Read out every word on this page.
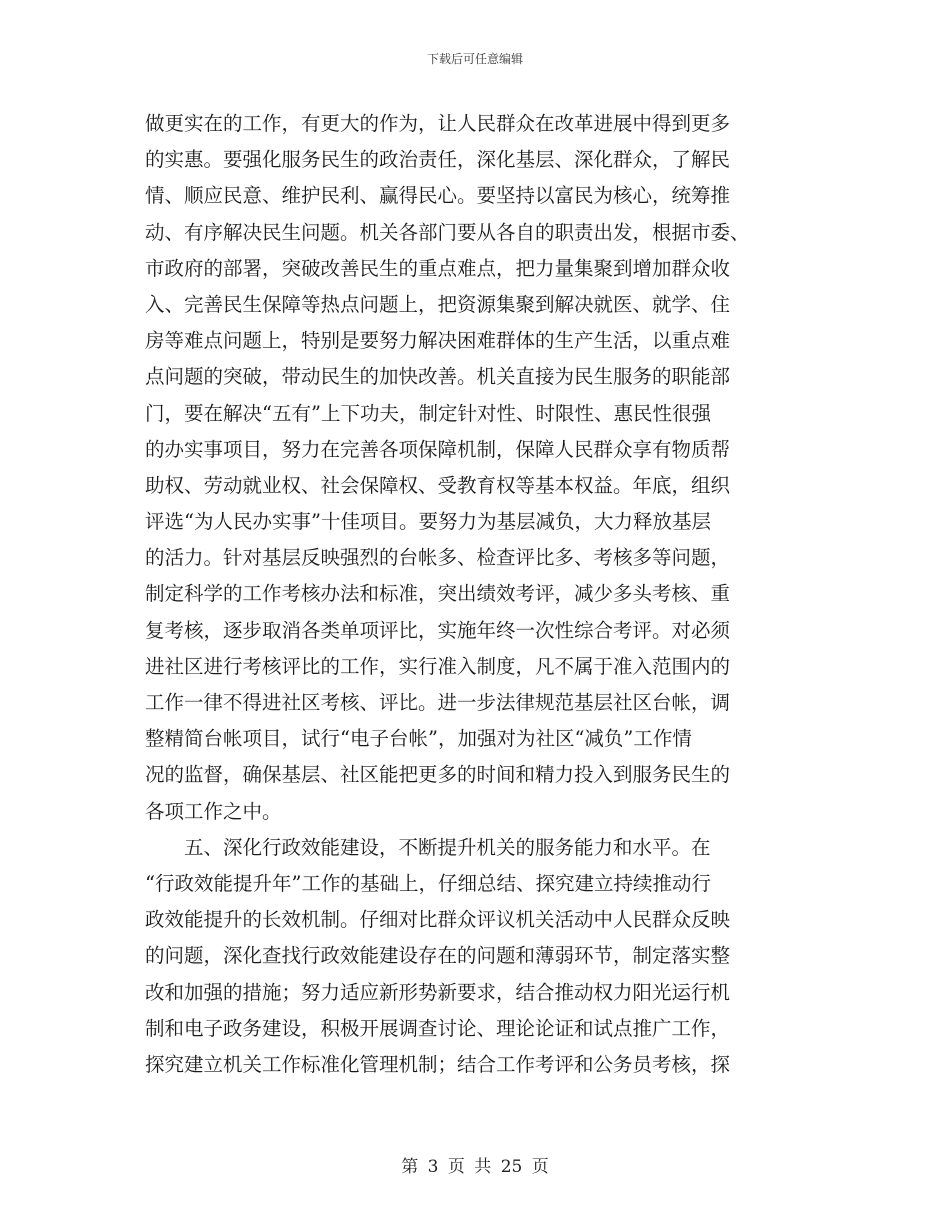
下载后可任意编辑
做更实在的工作，有更大的作为，让人民群众在改革进展中得到更多
的实惠。要强化服务民生的政治责任，深化基层、深化群众，了解民
情、顺应民意、维护民利、赢得民心。要坚持以富民为核心，统筹推
动、有序解决民生问题。机关各部门要从各自的职责出发，根据市委、
市政府的部署，突破改善民生的重点难点，把力量集聚到增加群众收
入、完善民生保障等热点问题上，把资源集聚到解决就医、就学、住
房等难点问题上，特别是要努力解决困难群体的生产生活，以重点难
点问题的突破，带动民生的加快改善。机关直接为民生服务的职能部
门，要在解决“五有”上下功夫，制定针对性、时限性、惠民性很强
的办实事项目，努力在完善各项保障机制，保障人民群众享有物质帮
助权、劳动就业权、社会保障权、受教育权等基本权益。年底，组织
评选“为人民办实事”十佳项目。要努力为基层减负，大力释放基层
的活力。针对基层反映强烈的台帐多、检查评比多、考核多等问题，
制定科学的工作考核办法和标准，突出绩效考评，减少多头考核、重
复考核，逐步取消各类单项评比，实施年终一次性综合考评。对必须
进社区进行考核评比的工作，实行准入制度，凡不属于准入范围内的
工作一律不得进社区考核、评比。进一步法律规范基层社区台帐，调
整精简台帐项目，试行“电子台帐”，加强对为社区“减负”工作情
况的监督，确保基层、社区能把更多的时间和精力投入到服务民生的
各项工作之中。
　　五、深化行政效能建设，不断提升机关的服务能力和水平。在
“行政效能提升年”工作的基础上，仔细总结、探究建立持续推动行
政效能提升的长效机制。仔细对比群众评议机关活动中人民群众反映
的问题，深化查找行政效能建设存在的问题和薄弱环节，制定落实整
改和加强的措施；努力适应新形势新要求，结合推动权力阳光运行机
制和电子政务建设，积极开展调查讨论、理论论证和试点推广工作，
探究建立机关工作标准化管理机制；结合工作考评和公务员考核，探
第 3 页 共 25 页
